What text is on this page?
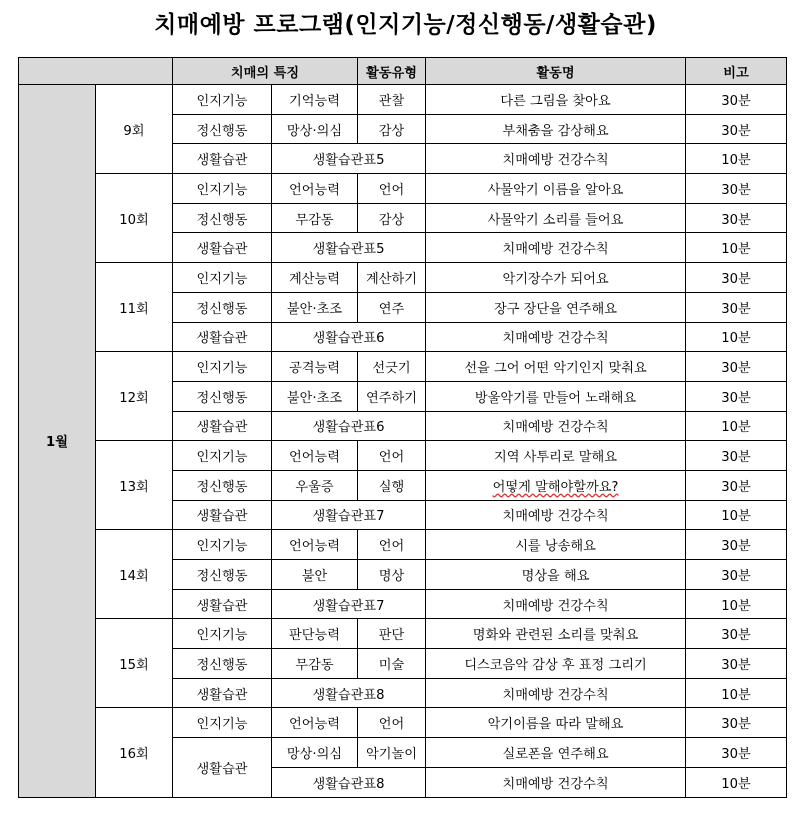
치매예방 프로그램(인지기능/정신행동/생활습관)
		치매의 특징		활동유형	활동명	비고
1월	9회	인지기능	기억능력	관찰	다른 그림을 찾아요	30분
		정신행동	망상·의심	감상	부채춤을 감상해요	30분
		생활습관	생활습관표5		치매예방 건강수칙	10분
	10회	인지기능	언어능력	언어	사물악기 이름을 알아요	30분
		정신행동	무감동	감상	사물악기 소리를 들어요	30분
		생활습관	생활습관표5		치매예방 건강수칙	10분
	11회	인지기능	계산능력	계산하기	악기장수가 되어요	30분
		정신행동	불안·초조	연주	장구 장단을 연주해요	30분
		생활습관	생활습관표6		치매예방 건강수칙	10분
	12회	인지기능	공격능력	선긋기	선을 그어 어떤 악기인지 맞춰요	30분
		정신행동	불안·초조	연주하기	방울악기를 만들어 노래해요	30분
		생활습관	생활습관표6		치매예방 건강수칙	10분
	13회	인지기능	언어능력	언어	지역 사투리로 말해요	30분
		정신행동	우울증	실행	어떻게 말해야할까요?	30분
		생활습관	생활습관표7		치매예방 건강수칙	10분
	14회	인지기능	언어능력	언어	시를 낭송해요	30분
		정신행동	불안	명상	명상을 해요	30분
		생활습관	생활습관표7		치매예방 건강수칙	10분
	15회	인지기능	판단능력	판단	명화와 관련된 소리를 맞춰요	30분
		정신행동	무감동	미술	디스코음악 감상 후 표정 그리기	30분
		생활습관	생활습관표8		치매예방 건강수칙	10분
	16회	인지기능	언어능력	언어	악기이름을 따라 말해요	30분
		생활습관	망상·의심	악기놀이	실로폰을 연주해요	30분
			생활습관표8		치매예방 건강수칙	10분
